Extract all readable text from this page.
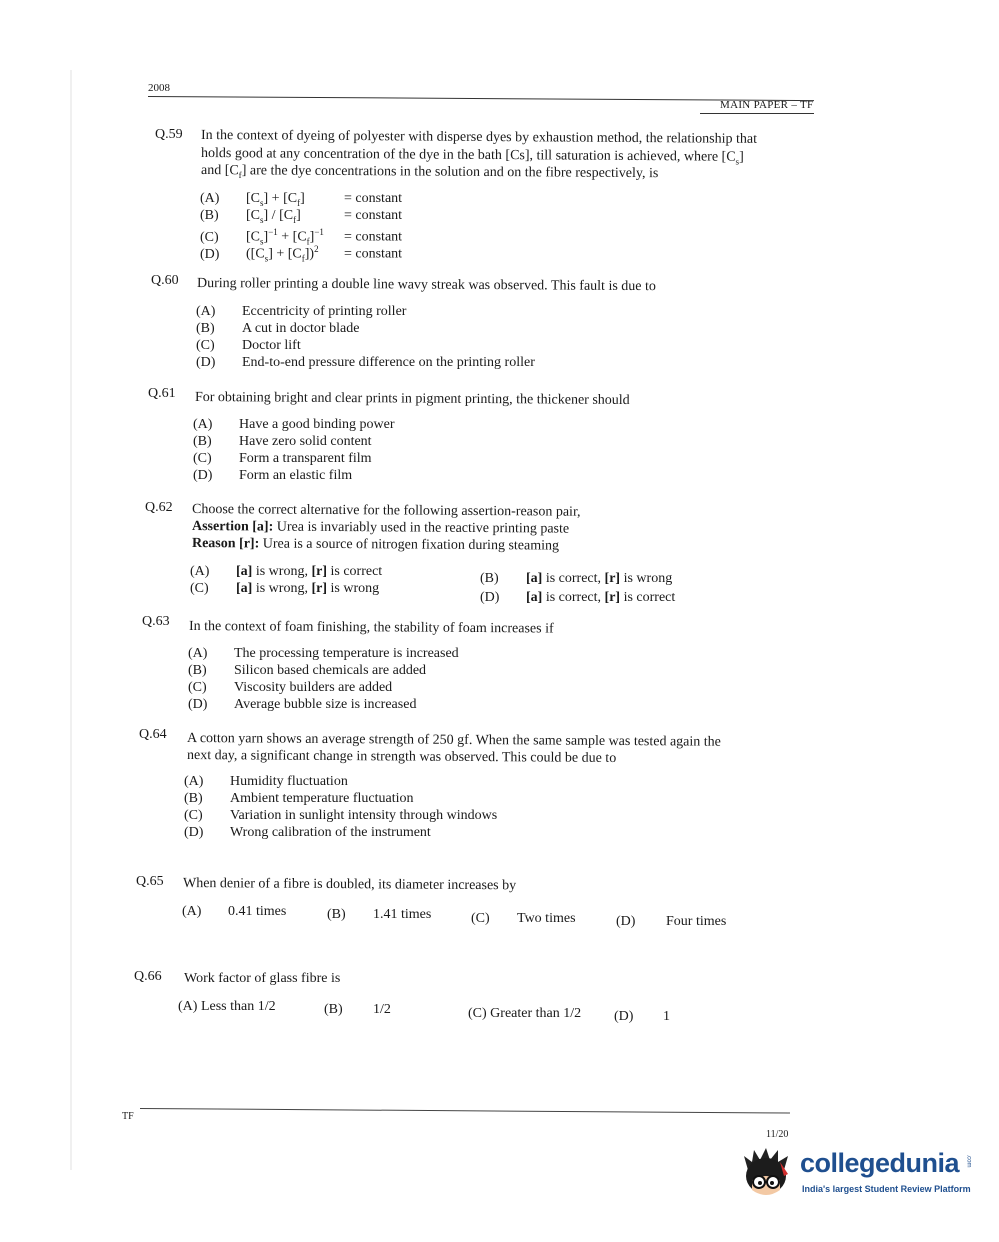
2008
MAIN PAPER – TF
Q.59 In the context of dyeing of polyester with disperse dyes by exhaustion method, the relationship that
holds good at any concentration of the dye in the bath [Cs], till saturation is achieved, where $[C_s]$
and $[C_f]$ are the dye concentrations in the solution and on the fibre respectively, is
(A) $[C_s] + [C_f]$	= constant
(B) $[C_s] / [C_f]$	= constant
(C) $[C_s]^{-1} + [C_f]^{-1}$ = constant
(D) $([C_s] + [C_f])^2$ = constant
Q.60 During roller printing a double line wavy streak was observed. This fault is due to
(A) Eccentricity of printing roller
(B) A cut in doctor blade
(C) Doctor lift
(D) End-to-end pressure difference on the printing roller
Q.61 For obtaining bright and clear prints in pigment printing, the thickener should
(A) Have a good binding power
(B) Have zero solid content
(C) Form a transparent film
(D) Form an elastic film
Q.62 Choose the correct alternative for the following assertion-reason pair,
Assertion [a]: Urea is invariably used in the reactive printing paste
Reason [r]: Urea is a source of nitrogen fixation during steaming
(A) [a] is wrong, [r] is correct
(C) [a] is wrong, [r] is wrong
(B) [a] is correct, [r] is wrong
(D) [a] is correct, [r] is correct
Q.63 In the context of foam finishing, the stability of foam increases if
(A) The processing temperature is increased
(B) Silicon based chemicals are added
(C) Viscosity builders are added
(D) Average bubble size is increased
Q.64 A cotton yarn shows an average strength of 250 gf. When the same sample was tested again the
next day, a significant change in strength was observed. This could be due to
(A) Humidity fluctuation
(B) Ambient temperature fluctuation
(C) Variation in sunlight intensity through windows
(D) Wrong calibration of the instrument
Q.65 When denier of a fibre is doubled, its diameter increases by
(A) 0.41 times	(B) 1.41 times	(C) Two times	(D) Four times
Q.66 Work factor of glass fibre is
(A) Less than 1/2	(B) 1/2	(C) Greater than 1/2 (D) 1
TF
11/20
collegedunia .com
India's largest Student Review Platform
